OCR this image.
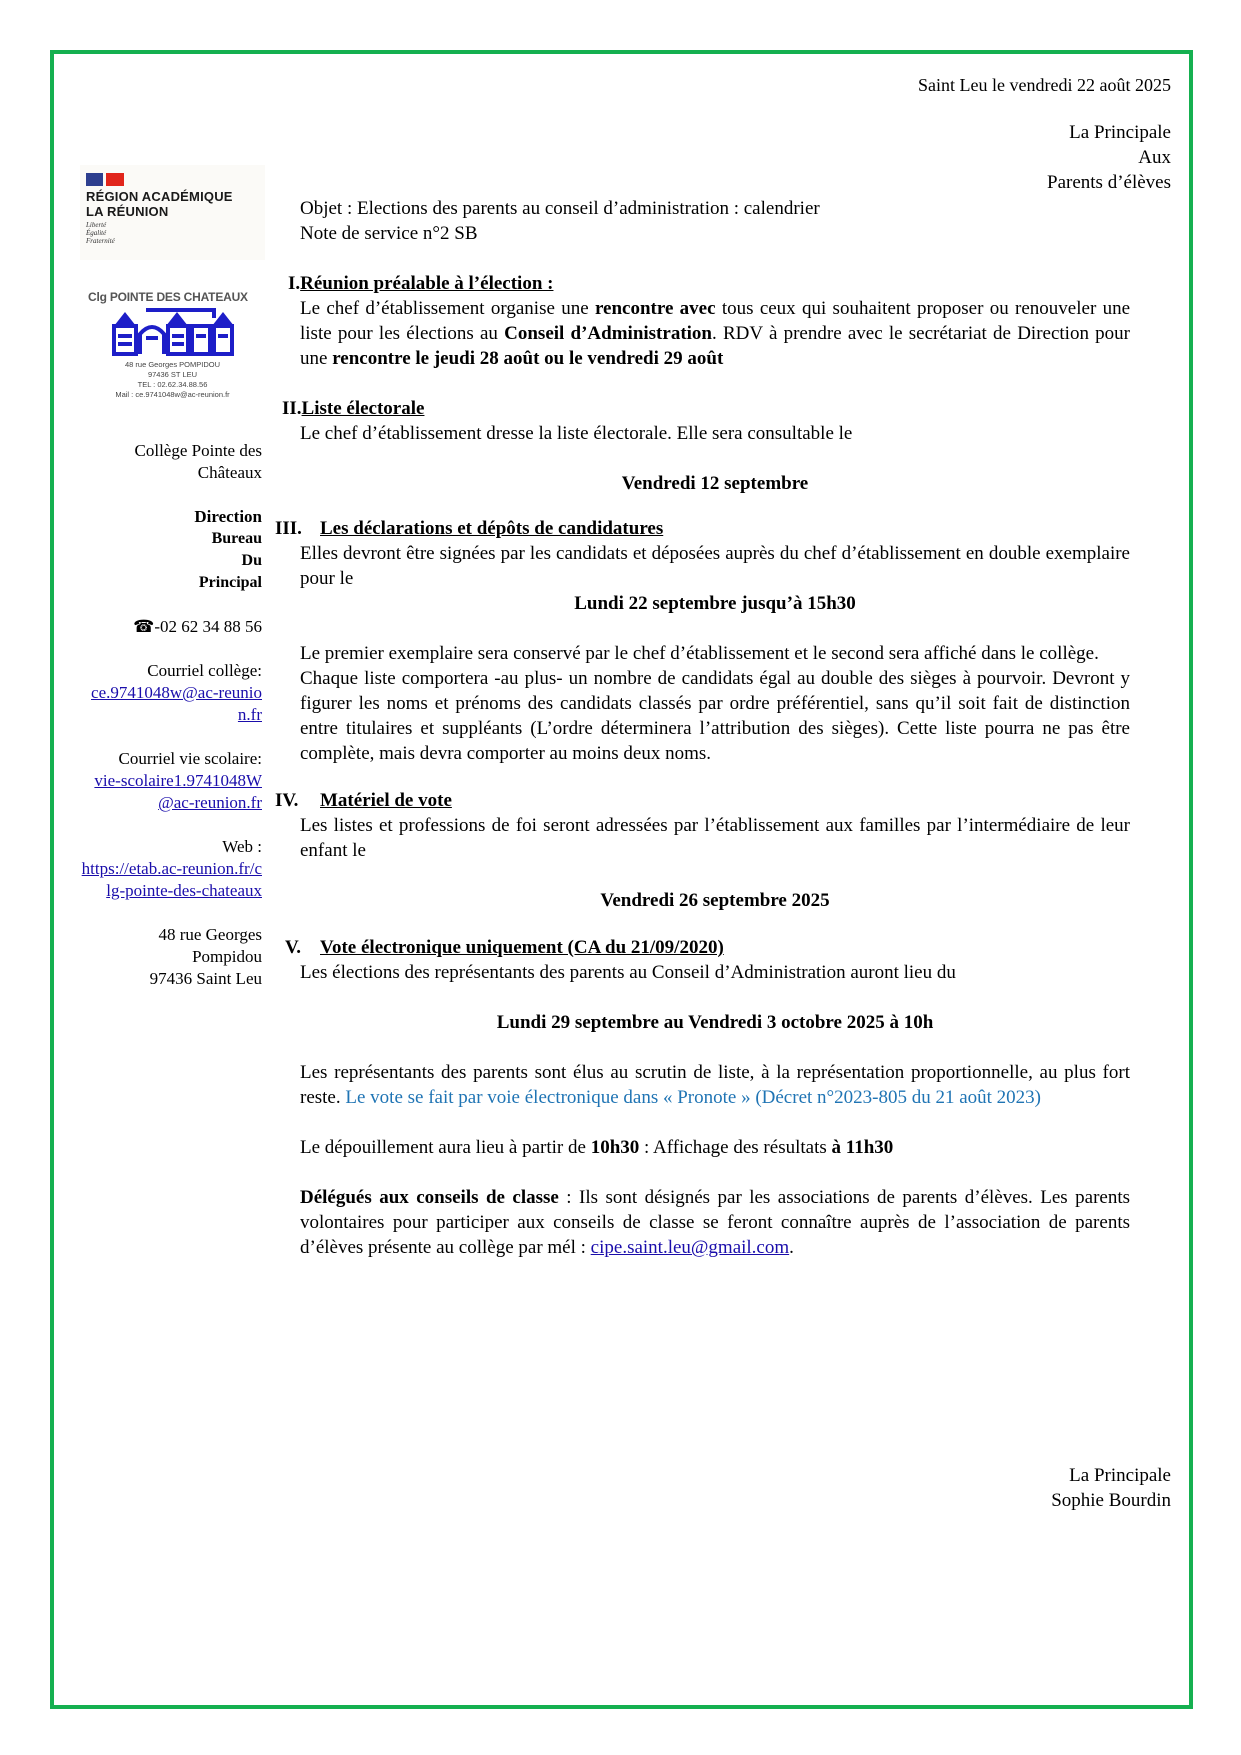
RÉGION ACADÉMIQUE
LA RÉUNION
Liberté
Égalité
Fraternité
Clg POINTE DES CHATEAUX
48 rue Georges POMPIDOU
97436 ST LEU
TEL : 02.62.34.88.56
Mail : ce.9741048w@ac-reunion.fr
Collège Pointe des Châteaux
Direction
Bureau
Du
Principal
☎-02 62 34 88 56
Courriel collège:
ce.9741048w@ac-reunion.fr
Courriel vie scolaire:
vie-scolaire1.9741048W@ac-reunion.fr
Web :
https://etab.ac-reunion.fr/clg-pointe-des-chateaux
48 rue Georges
Pompidou
97436 Saint Leu
Saint Leu le vendredi 22 août 2025
La Principale
Aux
Parents d’élèves

Objet : Elections des parents au conseil d’administration : calendrier

Note de service n°2 SB

I.Réunion préalable à l’élection :

Le chef d’établissement organise une rencontre avec tous ceux qui souhaitent proposer ou renouveler une liste pour les élections au Conseil d’Administration. RDV à prendre avec le secrétariat de Direction pour une rencontre le jeudi 28 août ou le vendredi 29 août

II.Liste électorale

Le chef d’établissement dresse la liste électorale. Elle sera consultable le

Vendredi 12 septembre

III. Les déclarations et dépôts de candidatures

Elles devront être signées par les candidats et déposées auprès du chef d’établissement en double exemplaire pour le

Lundi 22 septembre jusqu’à 15h30

Le premier exemplaire sera conservé par le chef d’établissement et le second sera affiché dans le collège.

Chaque liste comportera -au plus- un nombre de candidats égal au double des sièges à pourvoir. Devront y figurer les noms et prénoms des candidats classés par ordre préférentiel, sans qu’il soit fait de distinction entre titulaires et suppléants (L’ordre déterminera l’attribution des sièges). Cette liste pourra ne pas être complète, mais devra comporter au moins deux noms.

IV. Matériel de vote

Les listes et professions de foi seront adressées par l’établissement aux familles par l’intermédiaire de leur enfant le

Vendredi 26 septembre 2025

V. Vote électronique uniquement (CA du 21/09/2020)

Les élections des représentants des parents au Conseil d’Administration auront lieu du

Lundi 29 septembre au Vendredi 3 octobre 2025 à 10h

Les représentants des parents sont élus au scrutin de liste, à la représentation proportionnelle, au plus fort reste. Le vote se fait par voie électronique dans « Pronote » (Décret n°2023-805 du 21 août 2023)

Le dépouillement aura lieu à partir de 10h30 : Affichage des résultats à 11h30

Délégués aux conseils de classe : Ils sont désignés par les associations de parents d’élèves. Les parents volontaires pour participer aux conseils de classe se feront connaître auprès de l’association de parents d’élèves présente au collège par mél : cipe.saint.leu@gmail.com.

La Principale
Sophie Bourdin
